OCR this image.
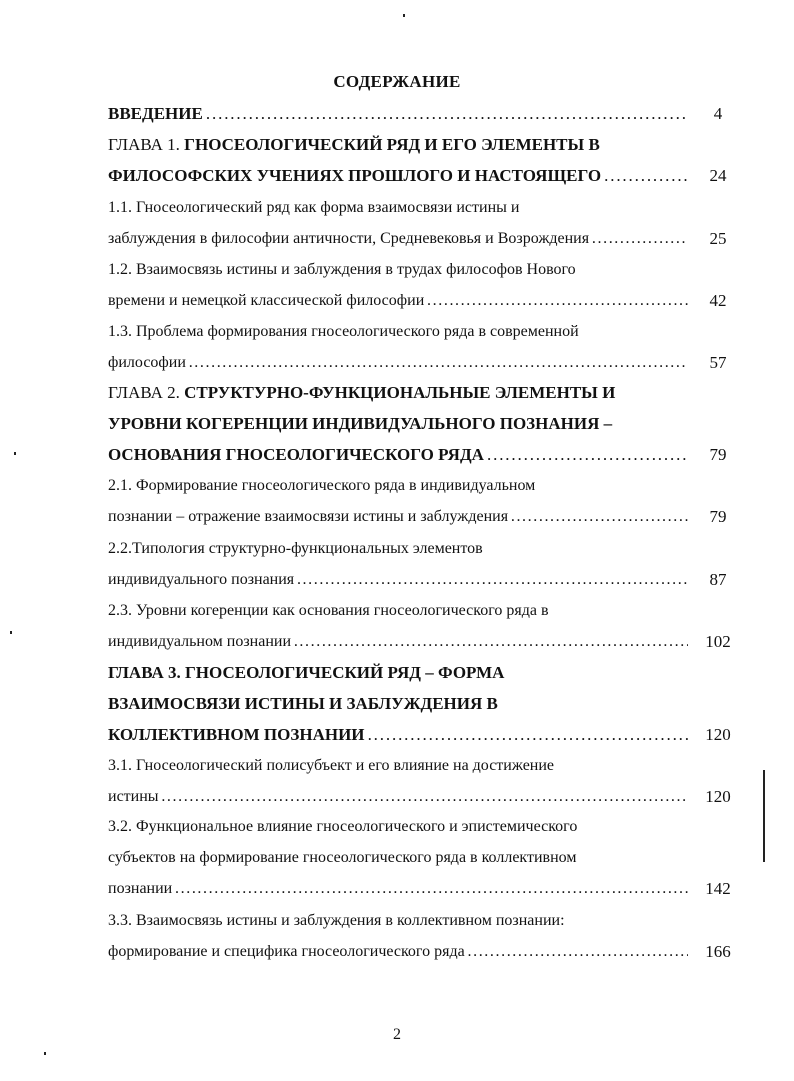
СОДЕРЖАНИЕ
4
ВВЕДЕНИЕ . . .
ГЛАВА 1. ГНОСЕОЛОГИЧЕСКИЙ РЯД И ЕГО ЭЛЕМЕНТЫ В
24
ФИЛОСОФСКИХ УЧЕНИЯХ ПРОШЛОГО И НАСТОЯЩЕГО . . .
1.1. Гносеологический ряд как форма взаимосвязи истины и
25
заблуждения в философии античности, Средневековья и Возрождения . . .
1.2. Взаимосвязь истины и заблуждения в трудах философов Нового
42
времени и немецкой классической философии . . .
1.3. Проблема формирования гносеологического ряда в современной
57
философии . . .
ГЛАВА 2. СТРУКТУРНО-ФУНКЦИОНАЛЬНЫЕ ЭЛЕМЕНТЫ И
УРОВНИ КОГЕРЕНЦИИ ИНДИВИДУАЛЬНОГО ПОЗНАНИЯ –
79
ОСНОВАНИЯ ГНОСЕОЛОГИЧЕСКОГО РЯДА . . .
2.1. Формирование гносеологического ряда в индивидуальном
79
познании – отражение взаимосвязи истины и заблуждения . . .
2.2.Типология структурно-функциональных элементов
87
индивидуального познания . . .
2.3. Уровни когеренции как основания гносеологического ряда в
102
индивидуальном познании . . .
ГЛАВА 3. ГНОСЕОЛОГИЧЕСКИЙ РЯД – ФОРМА
ВЗАИМОСВЯЗИ ИСТИНЫ И ЗАБЛУЖДЕНИЯ В
120
КОЛЛЕКТИВНОМ ПОЗНАНИИ . . .
3.1. Гносеологический полисубъект и его влияние на достижение
120
истины . . .
3.2. Функциональное влияние гносеологического и эпистемического
субъектов на формирование гносеологического ряда в коллективном
142
познании . . .
3.3. Взаимосвязь истины и заблуждения в коллективном познании:
166
формирование и специфика гносеологического ряда . . .
2
